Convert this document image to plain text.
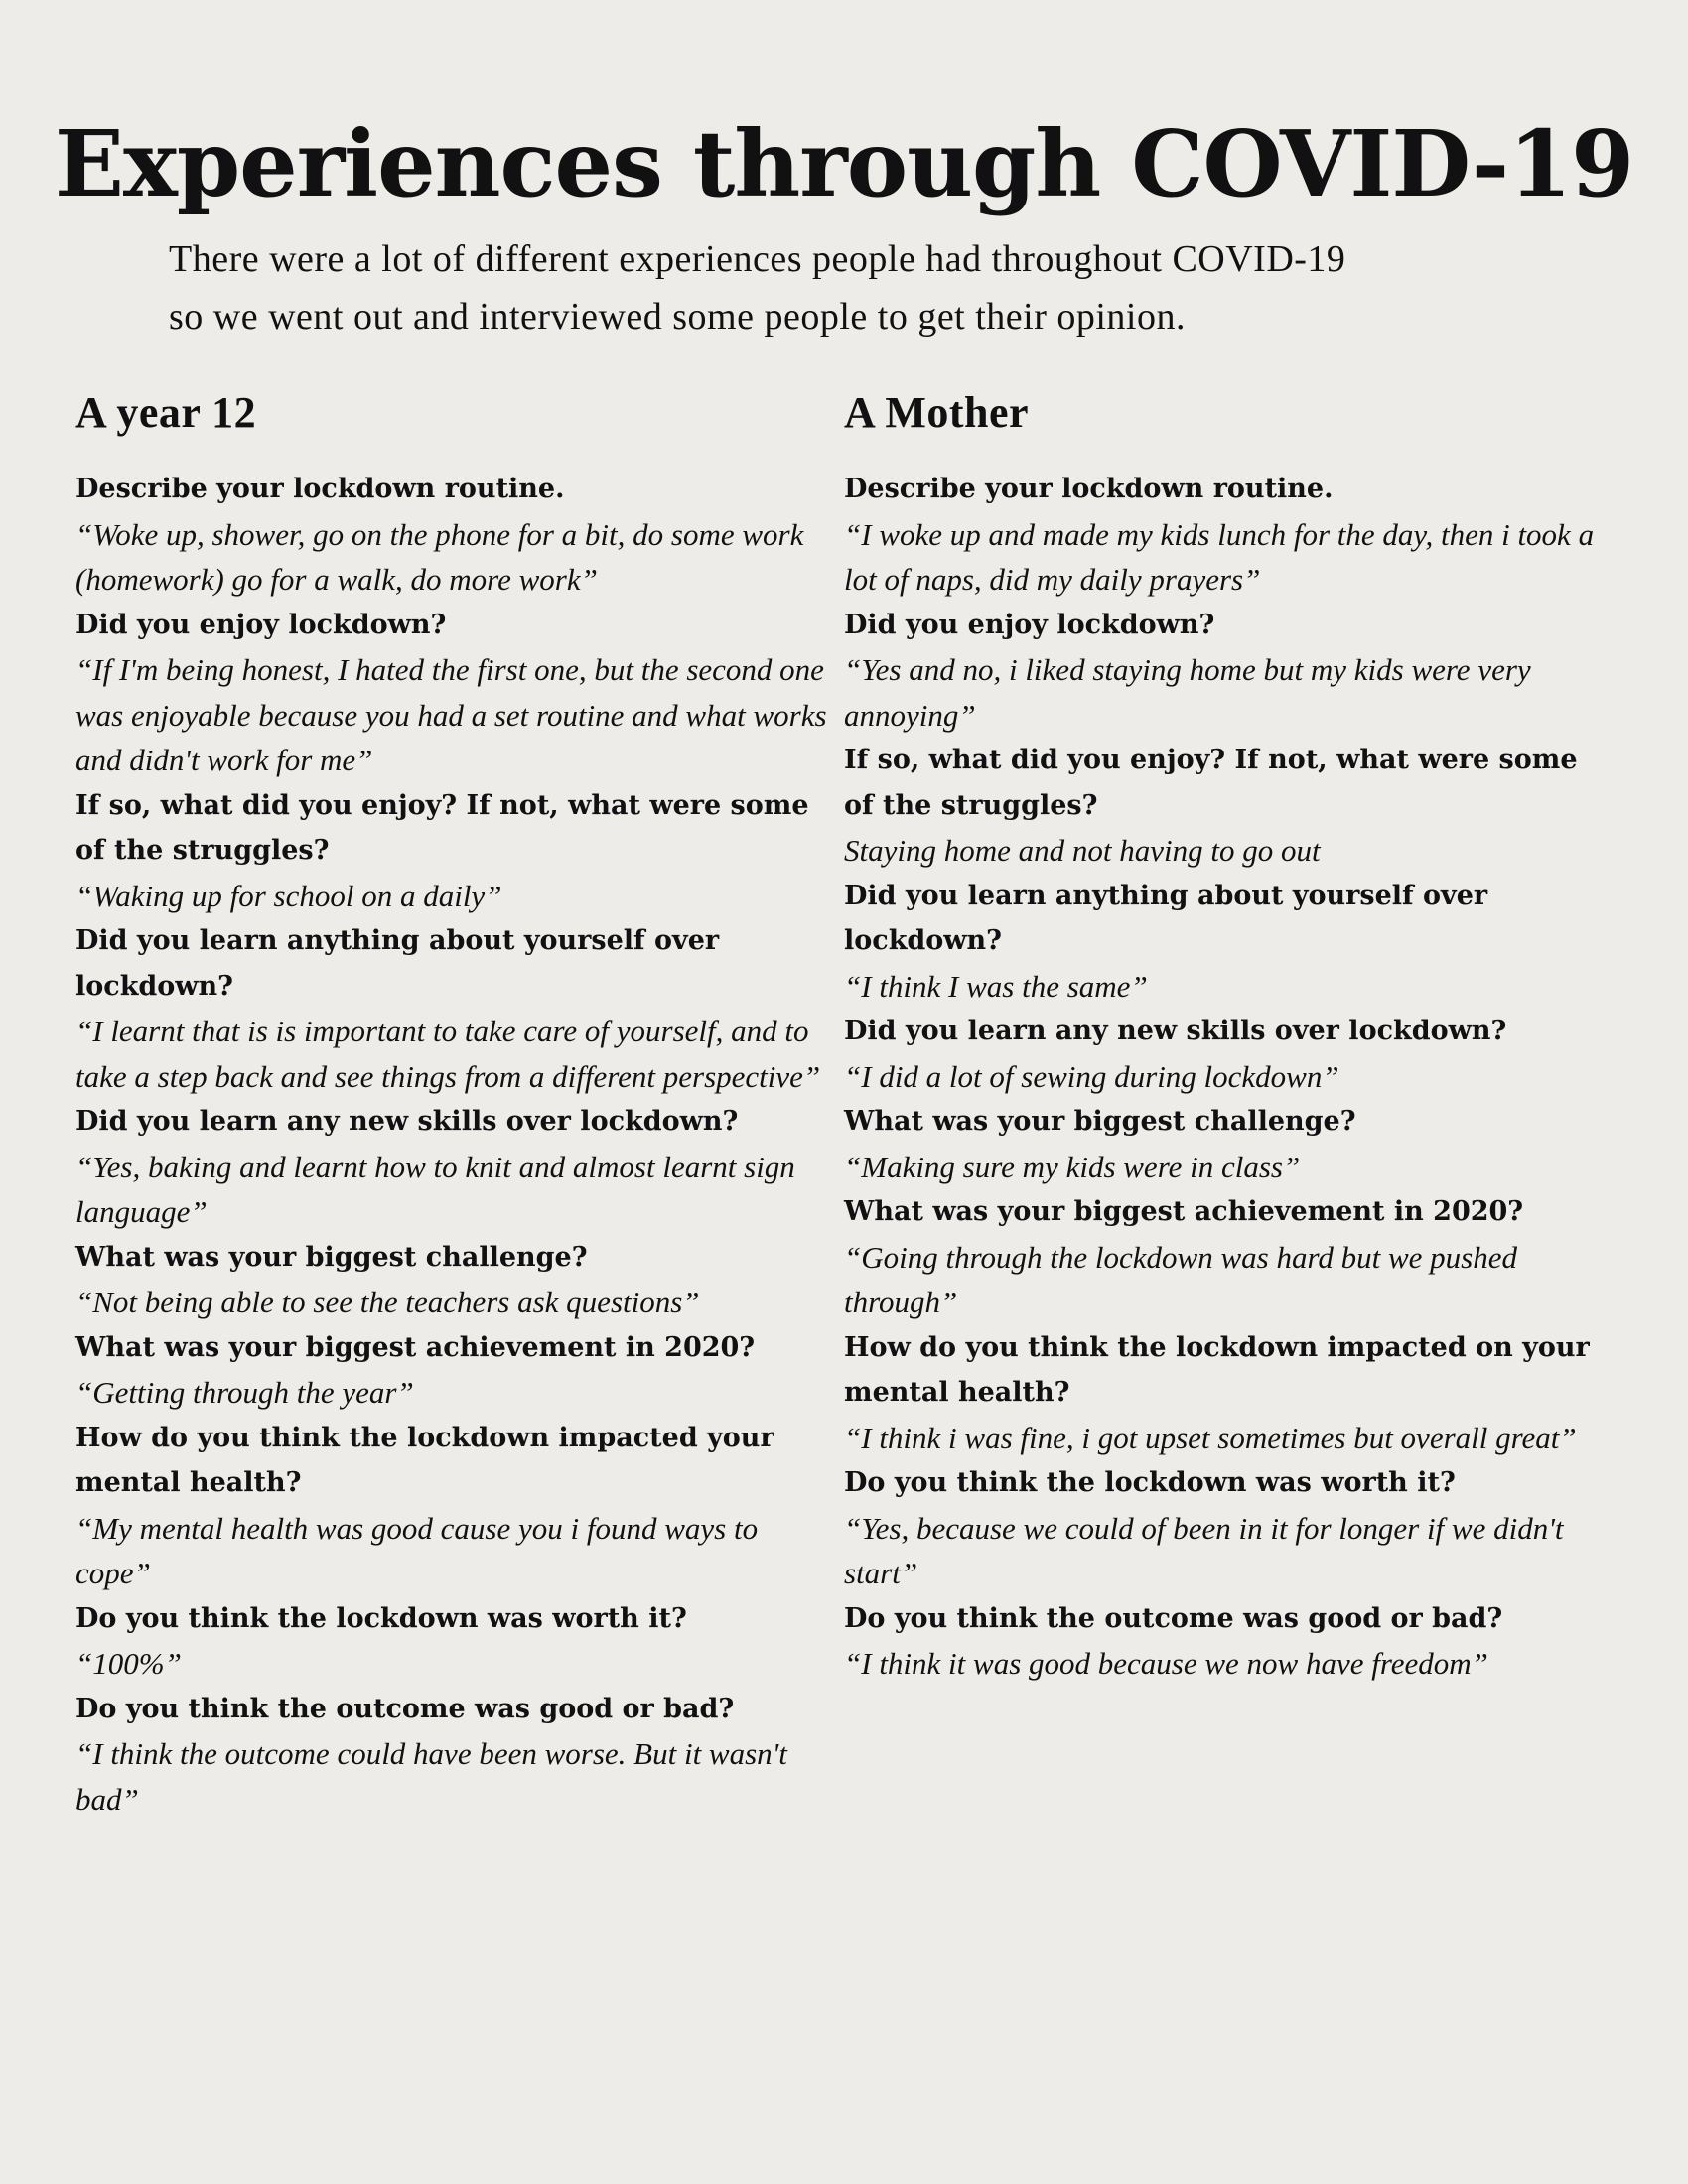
Experiences through COVID-19
There were a lot of different experiences people had throughout COVID-19
so we went out and interviewed some people to get their opinion.
A year 12

Describe your lockdown routine.

“Woke up, shower, go on the phone for a bit, do some work (homework) go for a walk, do more work”

Did you enjoy lockdown?

“If I'm being honest, I hated the first one, but the second one was enjoyable because you had a set routine and what works and didn't work for me”

If so, what did you enjoy? If not, what were some of the struggles?

“Waking up for school on a daily”

Did you learn anything about yourself over lockdown?

“I learnt that is is important to take care of yourself, and to take a step back and see things from a different perspective”

Did you learn any new skills over lockdown?

“Yes, baking and learnt how to knit and almost learnt sign language”

What was your biggest challenge?

“Not being able to see the teachers ask questions”

What was your biggest achievement in 2020?

“Getting through the year”

How do you think the lockdown impacted your mental health?

“My mental health was good cause you i found ways to cope”

Do you think the lockdown was worth it?

“100%”

Do you think the outcome was good or bad?

“I think the outcome could have been worse. But it wasn't bad”

A Mother

Describe your lockdown routine.

“I woke up and made my kids lunch for the day, then i took a lot of naps, did my daily prayers”

Did you enjoy lockdown?

“Yes and no, i liked staying home but my kids were very annoying”

If so, what did you enjoy? If not, what were some of the struggles?

Staying home and not having to go out

Did you learn anything about yourself over lockdown?

“I think I was the same”

Did you learn any new skills over lockdown?

“I did a lot of sewing during lockdown”

What was your biggest challenge?

“Making sure my kids were in class”

What was your biggest achievement in 2020?

“Going through the lockdown was hard but we pushed through”

How do you think the lockdown impacted on your mental health?

“I think i was fine, i got upset sometimes but overall great”

Do you think the lockdown was worth it?

“Yes, because we could of been in it for longer if we didn't start”

Do you think the outcome was good or bad?

“I think it was good because we now have freedom”
